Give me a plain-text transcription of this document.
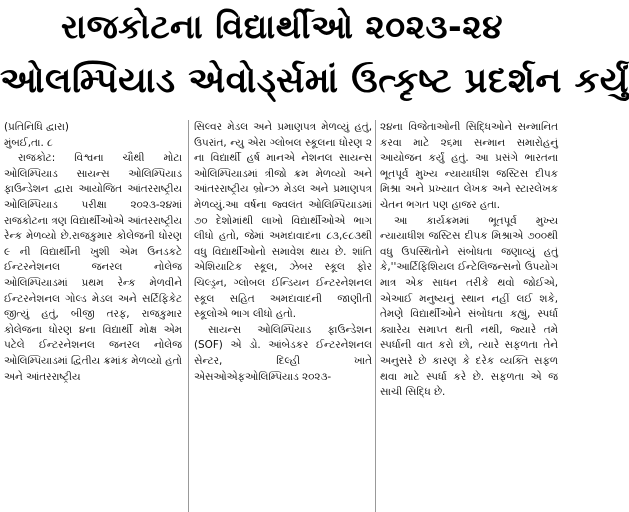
રાજકોટના વિદ્યાર્થીઓ ૨૦૨૩-૨૪
ઓલમ્પિયાડ એવોર્ડ્સમાં ઉત્કૃષ્ટ પ્રદર્શન કર્યું

(પ્રતિનિધિ દ્વારા)

મુંબઈ,તા. ૮

રાજકોટ: વિશ્વના ચૌથી મોટા ઓલિમ્પિયાડ સાયન્સ ઓલિમ્પિયાડ ફાઉન્ડેશન દ્વારા આયોજિત આંતરરાષ્ટ્રીય ઓલિમ્પિયાડ પરીક્ષા ૨૦૨૩-૨૪માં રાજકોટના ત્રણ વિદ્યાર્થીઓએ આંતરરાષ્ટ્રીય રેન્ક મેળવ્યો છે.રાજકુમાર કોલેજની ધોરણ ૯ ની વિદ્યાર્થીની ખુશી એમ ઉનડકટે ઈન્ટરનેશનલ જનરલ નોલેજ ઓલિમ્પિયાડમાં પ્રથમ રેન્ક મેળવીને ઈન્ટરનેશનલ ગોલ્ડ મેડલ અને સર્ટિફિકેટ જીત્યું હતું, બીજી તરફ, રાજકુમાર કોલેજના ધોરણ ૪ના વિદ્યાર્થી મોક્ષ એમ પટેલે ઈન્ટરનેશનલ જનરલ નોલેજ ઓલિમ્પિયાડમાં દ્વિતીય ક્રમાંક મેળવ્યો હતો અને આંતરરાષ્ટ્રીય

સિલ્વર મેડલ અને પ્રમાણપત્ર મેળવ્યું હતું, ઉપરાંત, ન્યુ એરા ગ્લોબલ સ્કૂલના ધોરણ ૨ ના વિદ્યાર્થી હર્ષ માનએ નેશનલ સાયન્સ ઓલિમ્પિયાડમાં ત્રીજો ક્રમ મેળવ્યો અને આંતરરાષ્ટ્રીય બ્રોન્ઝ મેડલ અને પ્રમાણપત્ર મેળવ્યું.આ વર્ષના જ્વલંત ઓલિમ્પિયાડમાં ૭૦ દેશોમાંથી લાખો વિદ્યાર્થીઓએ ભાગ લીધો હતો, જેમાં અમદાવાદના ૮૩,૯૮૩થી વધુ વિદ્યાર્થીઓનો સમાવેશ થાય છે. શાંતિ એશિયાટિક સ્કૂલ, ઝેબર સ્કૂલ ફોર ચિલ્ડ્રન, ગ્લોબલ ઈન્ડિયન ઈન્ટરનેશનલ સ્કૂલ સહિત અમદાવાદની જાણીતી સ્કૂલોએ ભાગ લીધો હતો.

સાયન્સ ઓલિમ્પિયાડ ફાઉન્ડેશન (SOF) એ ડો. આંબેડકર ઈન્ટરનેશનલ સેન્ટર, દિલ્હી ખાતે એસઓએફઓલિમ્પિયાડ ૨૦૨૩-

૨૪ના વિજેતાઓની સિદ્ધિઓને સન્માનિત કરવા માટે ૨૬મા સન્માન સમારોહનું આયોજન કર્યું હતું. આ પ્રસંગે ભારતના ભૂતપૂર્વ મુખ્ય ન્યાયાધીશ જસ્ટિસ દીપક મિશ્રા અને પ્રખ્યાત લેખક અને સ્ટારલેખક ચેતન ભગત પણ હાજર હતા.

આ કાર્યક્રમમાં ભૂતપૂર્વ મુખ્ય ન્યાયાધીશ જસ્ટિસ દીપક મિશ્રાએ ૭૦૦થી વધુ ઉપસ્થિતોને સંબોધતા જણાવ્યું હતું કે,''આર્ટિફિશિયલ ઈન્ટેલિજન્સનો ઉપયોગ માત્ર એક સાધન તરીકે થવો જોઈએ, એઆઈ મનુષ્યનું સ્થાન નહીં લઈ શકે, તેમણે વિદ્યાર્થીઓને સંબોધતા કહ્યું, સ્પર્ધા ક્યારેય સમાપ્ત થતી નથી, જ્યારે તમે સ્પર્ધાની વાત કરો છો, ત્યારે સફળતા તેને અનુસરે છે કારણ કે દરેક વ્યક્તિ સફળ થવા માટે સ્પર્ધા કરે છે. સફળતા એ જ સાચી સિદ્ધિ છે.
